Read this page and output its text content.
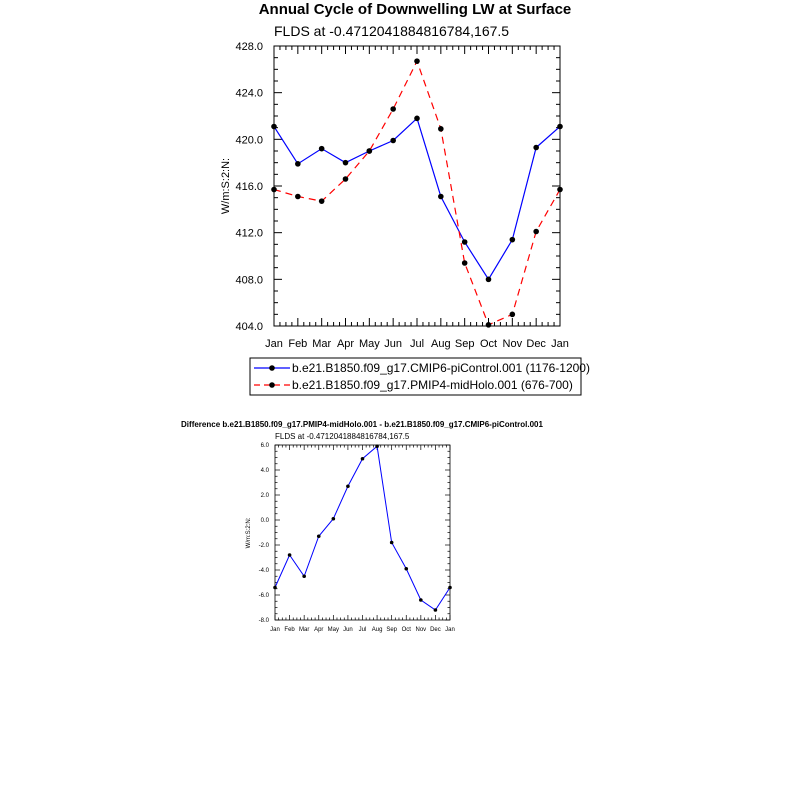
Annual Cycle of Downwelling LW at Surface
FLDS at -0.4712041884816784,167.5
W/m:S:2:N:
Jan Feb Mar Apr May Jun Jul Aug Sep Oct Nov Dec Jan
404.0
408.0
412.0
416.0
420.0
424.0
428.0
b.e21.B1850.f09_g17.CMIP6-piControl.001 (1176-1200)
b.e21.B1850.f09_g17.PMIP4-midHolo.001 (676-700)
Difference b.e21.B1850.f09_g17.PMIP4-midHolo.001 - b.e21.B1850.f09_g17.CMIP6-piControl.001
FLDS at -0.4712041884816784,167.5
W/m:S:2:N:
Jan Feb Mar Apr May Jun Jul Aug Sep Oct Nov Dec Jan
-8.0
-6.0
-4.0
-2.0
0.0
2.0
4.0
6.0
